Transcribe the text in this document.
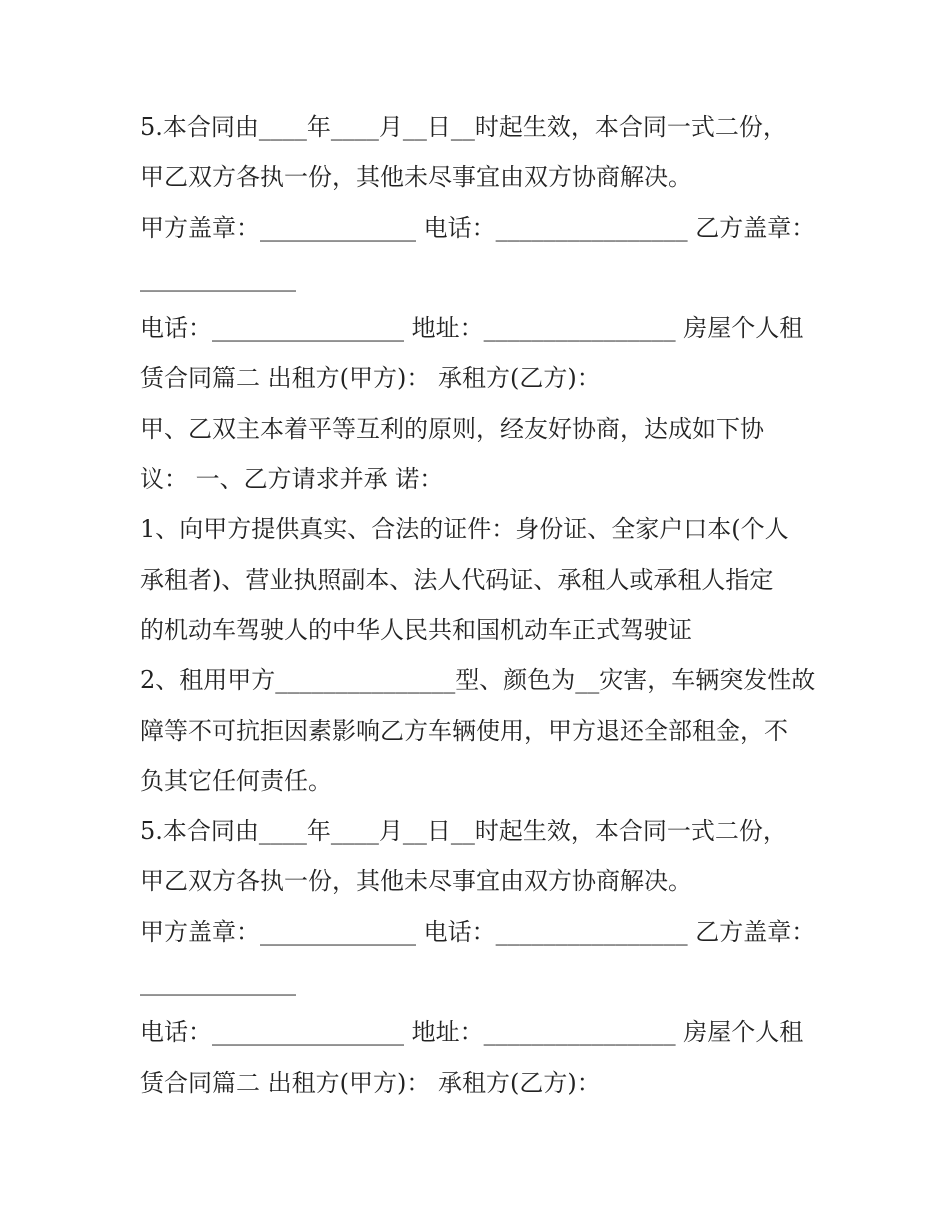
5.本合同由____年____月__日__时起生效，本合同一式二份，
甲乙双方各执一份，其他未尽事宜由双方协商解决。
甲方盖章：_____________ 电话：________________ 乙方盖章：
_____________
电话：________________ 地址：________________ 房屋个人租
赁合同篇二 出租方(甲方)： 承租方(乙方)：
甲、乙双主本着平等互利的原则，经友好协商，达成如下协
议： 一、乙方请求并承 诺：
1、向甲方提供真实、合法的证件：身份证、全家户口本(个人
承租者)、营业执照副本、法人代码证、承租人或承租人指定
的机动车驾驶人的中华人民共和国机动车正式驾驶证
2、租用甲方_______________型、颜色为__灾害，车辆突发性故
障等不可抗拒因素影响乙方车辆使用，甲方退还全部租金，不
负其它任何责任。
5.本合同由____年____月__日__时起生效，本合同一式二份，
甲乙双方各执一份，其他未尽事宜由双方协商解决。
甲方盖章：_____________ 电话：________________ 乙方盖章：
_____________
电话：________________ 地址：________________ 房屋个人租
赁合同篇二 出租方(甲方)： 承租方(乙方)：
